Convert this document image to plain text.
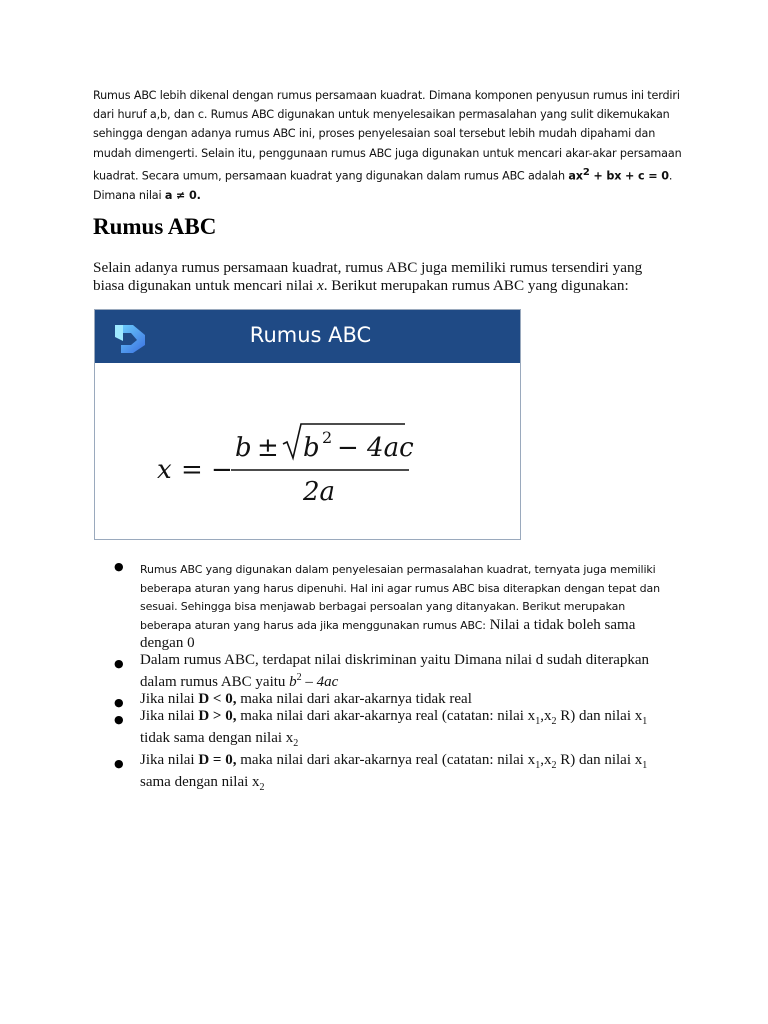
Rumus ABC lebih dikenal dengan rumus persamaan kuadrat. Dimana komponen penyusun rumus ini terdiri dari huruf a,b, dan c. Rumus ABC digunakan untuk menyelesaikan permasalahan yang sulit dikemukakan sehingga dengan adanya rumus ABC ini, proses penyelesaian soal tersebut lebih mudah dipahami dan mudah dimengerti. Selain itu, penggunaan rumus ABC juga digunakan untuk mencari akar-akar persamaan kuadrat. Secara umum, persamaan kuadrat yang digunakan dalam rumus ABC adalah $ax^2$ + bx + c = 0. Dimana nilai a ≠ 0.
Rumus ABC
Selain adanya rumus persamaan kuadrat, rumus ABC juga memiliki rumus tersendiri yang biasa digunakan untuk mencari nilai x. Berikut merupakan rumus ABC yang digunakan:
Rumus ABC
x = −
b ± b 2 − 4ac
2a
● Rumus ABC yang digunakan dalam penyelesaian permasalahan kuadrat, ternyata juga memiliki beberapa aturan yang harus dipenuhi. Hal ini agar rumus ABC bisa diterapkan dengan tepat dan sesuai. Sehingga bisa menjawab berbagai persoalan yang ditanyakan. Berikut merupakan beberapa aturan yang harus ada jika menggunakan rumus ABC: Nilai a tidak boleh sama dengan 0
● Dalam rumus ABC, terdapat nilai diskriminan yaitu Dimana nilai d sudah diterapkan dalam rumus ABC yaitu $b^2 - 4ac$
● Jika nilai D < 0, maka nilai dari akar-akarnya tidak real
● Jika nilai D > 0, maka nilai dari akar-akarnya real (catatan: nilai $x_1,x_2$ R) dan nilai $x_1$ tidak sama dengan nilai $x_2$
● Jika nilai D = 0, maka nilai dari akar-akarnya real (catatan: nilai $x_1,x_2$ R) dan nilai $x_1$ sama dengan nilai $x_2$
